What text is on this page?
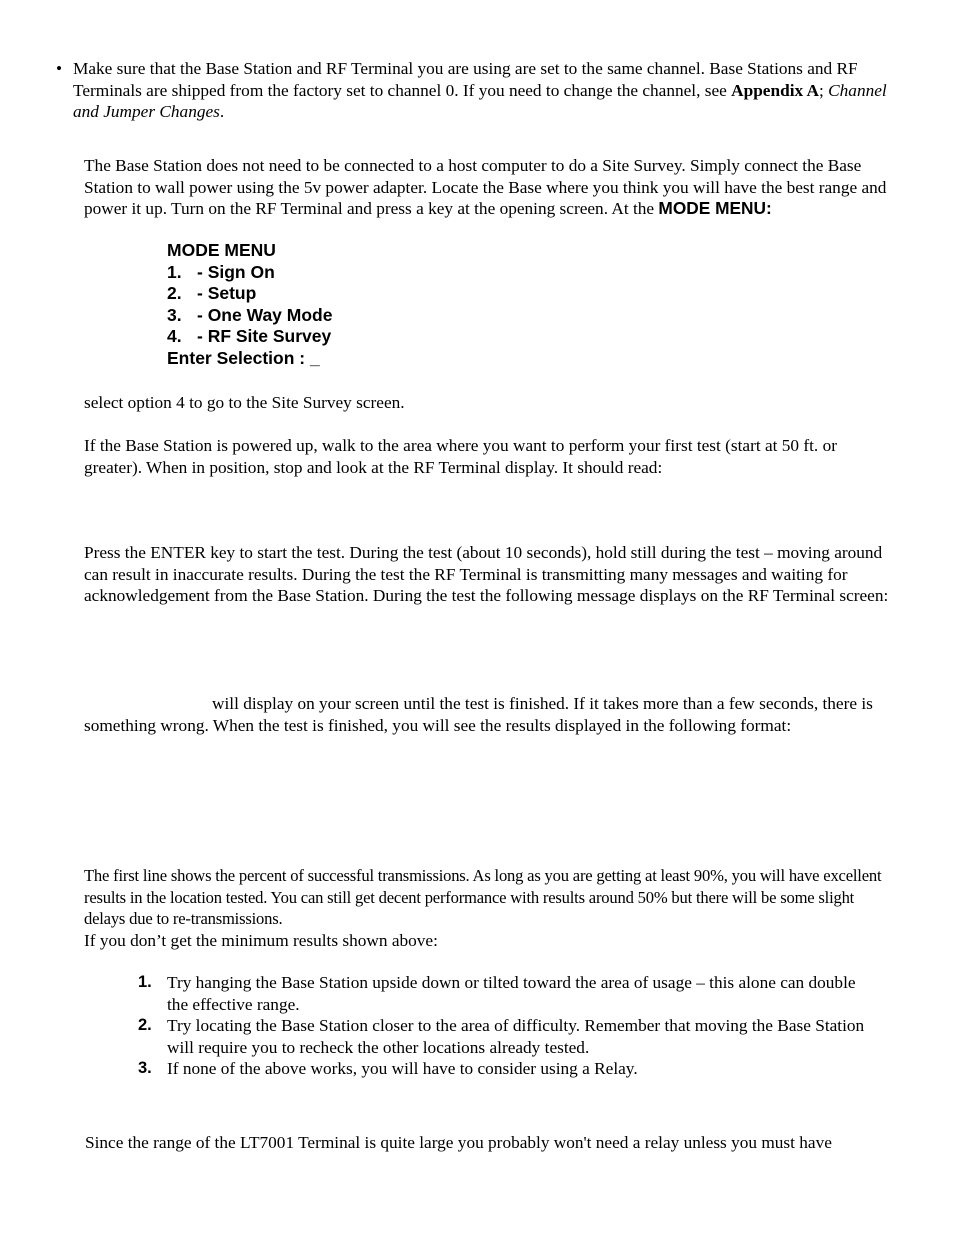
• Make sure that the Base Station and RF Terminal you are using are set to the same channel. Base Stations and RF Terminals are shipped from the factory set to channel 0. If you need to change the channel, see Appendix A; Channel and Jumper Changes.
The Base Station does not need to be connected to a host computer to do a Site Survey. Simply connect the Base Station to wall power using the 5v power adapter. Locate the Base where you think you will have the best range and power it up. Turn on the RF Terminal and press a key at the opening screen. At the MODE MENU:
MODE MENU
1. - Sign On
2. - Setup
3. - One Way Mode
4. - RF Site Survey
Enter Selection : _
select option 4 to go to the Site Survey screen.
If the Base Station is powered up, walk to the area where you want to perform your first test (start at 50 ft. or greater). When in position, stop and look at the RF Terminal display. It should read:
Press the ENTER key to start the test. During the test (about 10 seconds), hold still during the test – moving around can result in inaccurate results. During the test the RF Terminal is transmitting many messages and waiting for acknowledgement from the Base Station. During the test the following message displays on the RF Terminal screen:
will display on your screen until the test is finished. If it takes more than a few seconds, there is something wrong. When the test is finished, you will see the results displayed in the following format:
The first line shows the percent of successful transmissions. As long as you are getting at least 90%, you will have excellent results in the location tested. You can still get decent performance with results around 50% but there will be some slight delays due to re-transmissions.
If you don’t get the minimum results shown above:
1. Try hanging the Base Station upside down or tilted toward the area of usage – this alone can double the effective range.
2. Try locating the Base Station closer to the area of difficulty. Remember that moving the Base Station will require you to recheck the other locations already tested.
3. If none of the above works, you will have to consider using a Relay.
Since the range of the LT7001 Terminal is quite large you probably won't need a relay unless you must have
